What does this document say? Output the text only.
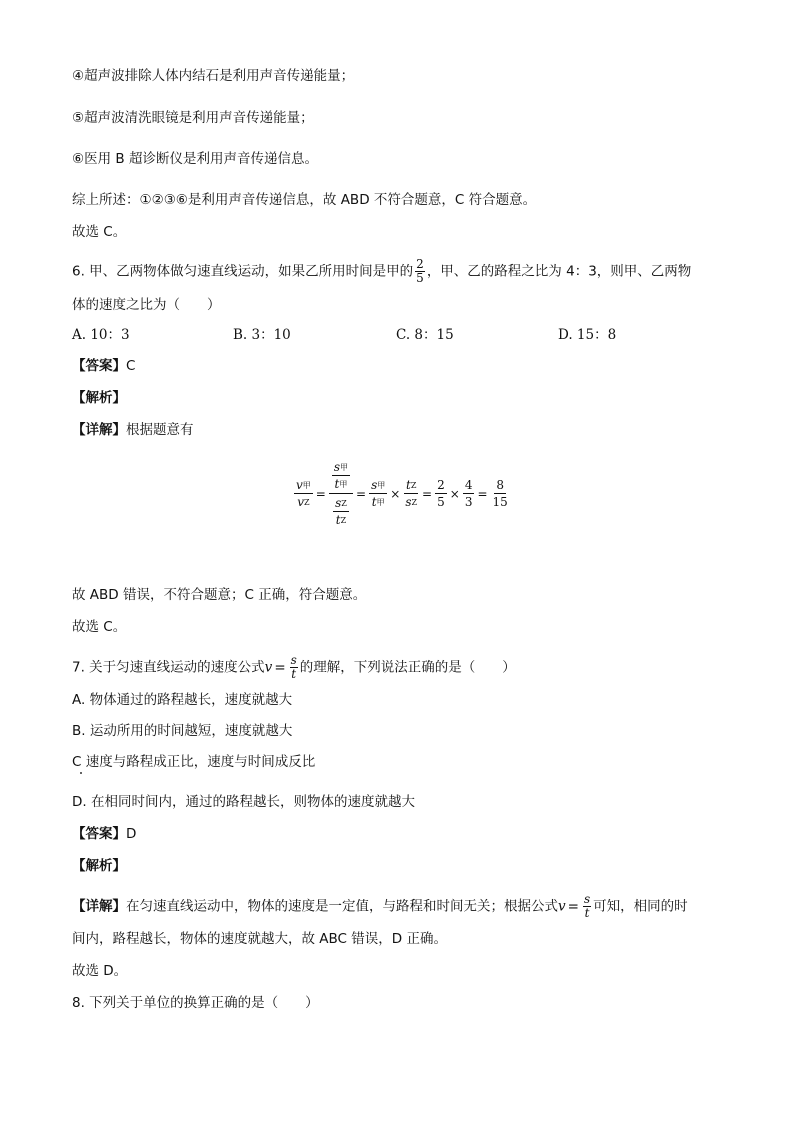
④超声波排除人体内结石是利用声音传递能量；
⑤超声波清洗眼镜是利用声音传递能量；
⑥医用 B 超诊断仪是利用声音传递信息。
综上所述：①②③⑥是利用声音传递信息，故 ABD 不符合题意，C 符合题意。
故选 C。
6. 甲、乙两物体做匀速直线运动，如果乙所用时间是甲的 $\frac{2}{5}$ ，甲、乙的路程之比为 4：3，则甲、乙两物
体的速度之比为（　　）
A. 10：3	B. 3：10	C. 8：15	D. 15：8
【答案】C
【解析】
【详解】根据题意有
v 甲
v Z
=
s 甲
t 甲
s Z
t Z
=
s 甲
t 甲
× $\frac{\text{t Z}}{\text{s Z}} = \frac{2}{5} \times \frac{4}{3} = \frac{8}{15}$
故 ABD 错误，不符合题意；C 正确，符合题意。
故选 C。
7. 关于匀速直线运动的速度公式$v = \frac{s}{t}$ 的理解，下列说法正确的是（　　）
A. 物体通过的路程越长，速度就越大
B. 运动所用的时间越短，速度就越大
C 速度与路程成正比，速度与时间成反比
D. 在相同时间内，通过的路程越长，则物体的速度就越大
【答案】D
【解析】
【详解】在匀速直线运动中，物体的速度是一定值，与路程和时间无关；根据公式$v = \frac{s}{t}$ 可知，相同的时
间内，路程越长，物体的速度就越大，故 ABC 错误，D 正确。
故选 D。
8. 下列关于单位的换算正确的是（　　）
